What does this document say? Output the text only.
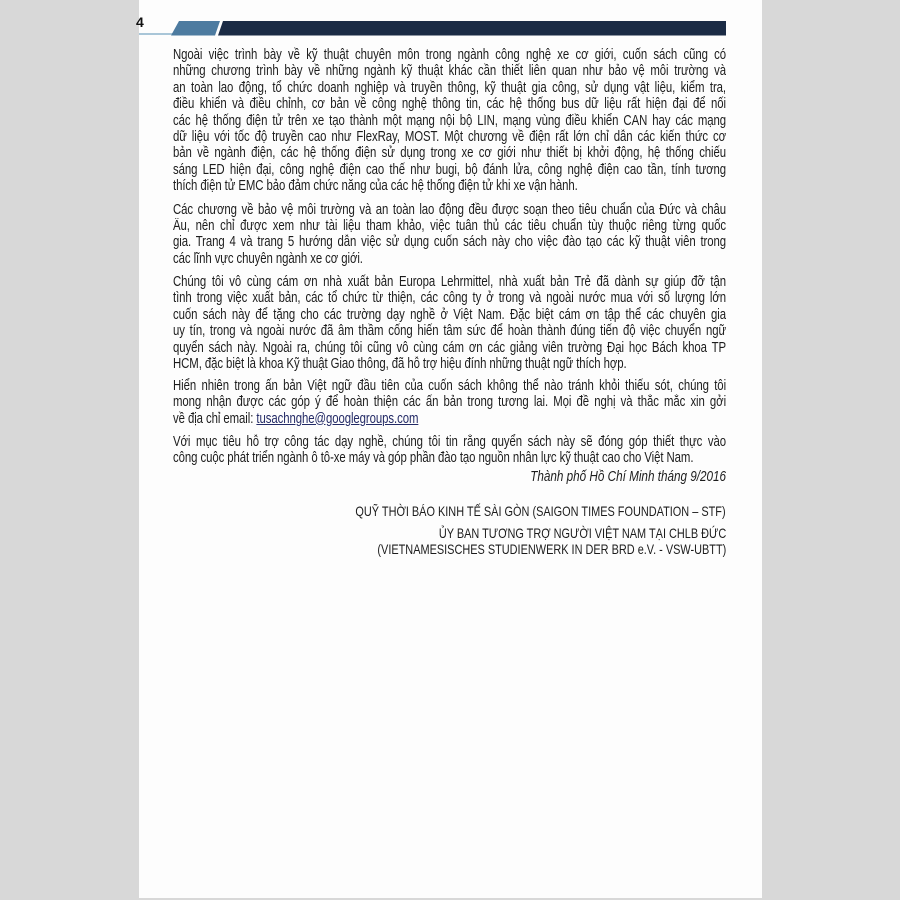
4
Ngoài việc trình bày về kỹ thuật chuyên môn trong ngành công nghệ xe cơ giới, cuốn sách cũng có
những chương trình bày về những ngành kỹ thuật khác cần thiết liên quan như bảo vệ môi trường và
an toàn lao động, tổ chức doanh nghiệp và truyền thông, kỹ thuật gia công, sử dụng vật liệu, kiểm tra,
điều khiển và điều chỉnh, cơ bản về công nghệ thông tin, các hệ thống bus dữ liệu rất hiện đại để nối
các hệ thống điện tử trên xe tạo thành một mạng nội bộ LIN, mạng vùng điều khiển CAN hay các mạng
dữ liệu với tốc độ truyền cao như FlexRay, MOST. Một chương về điện rất lớn chỉ dẫn các kiến thức cơ
bản về ngành điện, các hệ thống điện sử dụng trong xe cơ giới như thiết bị khởi động, hệ thống chiếu
sáng LED hiện đại, công nghệ điện cao thế như bugi, bộ đánh lửa, công nghệ điện cao tần, tính tương
thích điện tử EMC bảo đảm chức năng của các hệ thống điện tử khi xe vận hành.
Các chương về bảo vệ môi trường và an toàn lao động đều được soạn theo tiêu chuẩn của Đức và châu
Âu, nên chỉ được xem như tài liệu tham khảo, việc tuân thủ các tiêu chuẩn tùy thuộc riêng từng quốc
gia. Trang 4 và trang 5 hướng dẫn việc sử dụng cuốn sách này cho việc đào tạo các kỹ thuật viên trong
các lĩnh vực chuyên ngành xe cơ giới.
Chúng tôi vô cùng cám ơn nhà xuất bản Europa Lehrmittel, nhà xuất bản Trẻ đã dành sự giúp đỡ tận
tình trong việc xuất bản, các tổ chức từ thiện, các công ty ở trong và ngoài nước mua với số lượng lớn
cuốn sách này để tặng cho các trường dạy nghề ở Việt Nam. Đặc biệt cám ơn tập thể các chuyên gia
uy tín, trong và ngoài nước đã âm thầm cống hiến tâm sức để hoàn thành đúng tiến độ việc chuyển ngữ
quyển sách này. Ngoài ra, chúng tôi cũng vô cùng cám ơn các giảng viên trường Đại học Bách khoa TP
HCM, đặc biệt là khoa Kỹ thuật Giao thông, đã hỗ trợ hiệu đính những thuật ngữ thích hợp.
Hiển nhiên trong ấn bản Việt ngữ đầu tiên của cuốn sách không thể nào tránh khỏi thiếu sót, chúng tôi
mong nhận được các góp ý để hoàn thiện các ấn bản trong tương lai. Mọi đề nghị và thắc mắc xin gởi
về địa chỉ email: tusachnghe@googlegroups.com
Với mục tiêu hỗ trợ công tác dạy nghề, chúng tôi tin rằng quyển sách này sẽ đóng góp thiết thực vào
công cuộc phát triển ngành ô tô-xe máy và góp phần đào tạo nguồn nhân lực kỹ thuật cao cho Việt Nam.
Thành phố Hồ Chí Minh tháng 9/2016
QUỸ THỜI BÁO KINH TẾ SÀI GÒN (SAIGON TIMES FOUNDATION – STF)
ỦY BAN TƯƠNG TRỢ NGƯỜI VIỆT NAM TẠI CHLB ĐỨC
(VIETNAMESISCHES STUDIENWERK IN DER BRD e.V. - VSW-UBTT)
